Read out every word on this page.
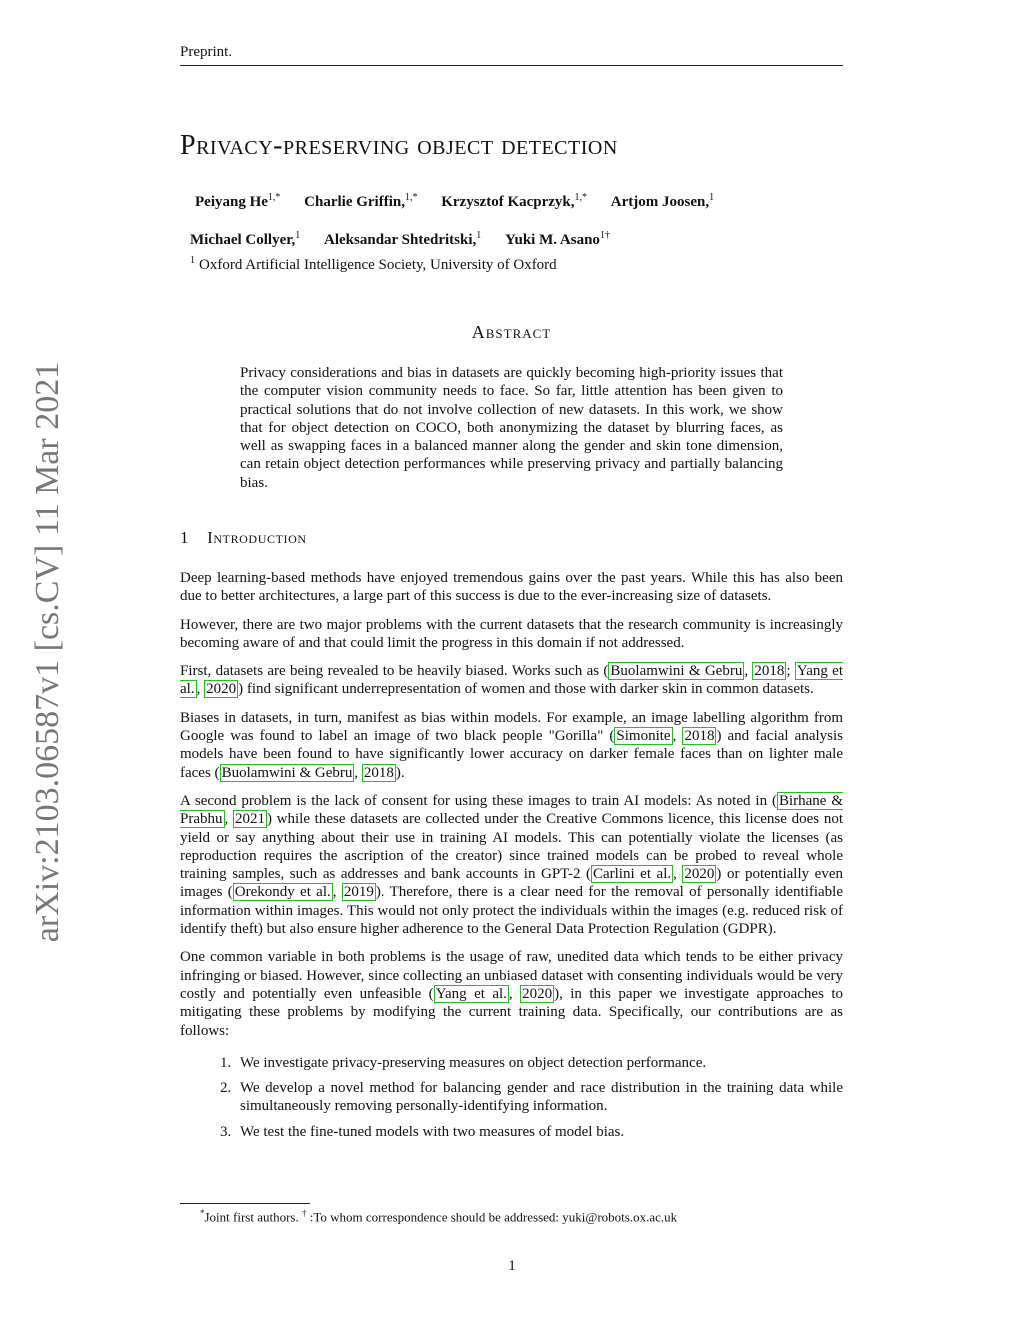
Preprint.
arXiv:2103.06587v1 [cs.CV] 11 Mar 2021
Privacy-preserving object detection
Peiyang $He^{1,*}$ Charlie Griffin,$^{1,*}$ Krzysztof Kacprzyk,$^{1,*}$ Artjom Joosen,$^1$
Michael Collyer,$^1$ Aleksandar Shtedritski,$^1$ Yuki M. Asano$^{1\dagger}$
$^1$ Oxford Artificial Intelligence Society, University of Oxford
Abstract
Privacy considerations and bias in datasets are quickly becoming high-priority issues that the computer vision community needs to face. So far, little attention has been given to practical solutions that do not involve collection of new datasets. In this work, we show that for object detection on COCO, both anonymizing the dataset by blurring faces, as well as swapping faces in a balanced manner along the gender and skin tone dimension, can retain object detection performances while preserving privacy and partially balancing bias.
1 Introduction

Deep learning-based methods have enjoyed tremendous gains over the past years. While this has also been due to better architectures, a large part of this success is due to the ever-increasing size of datasets.

However, there are two major problems with the current datasets that the research community is increasingly becoming aware of and that could limit the progress in this domain if not addressed.

First, datasets are being revealed to be heavily biased. Works such as ( Buolamwini & Gebru , 2018 ; Yang et al. , 2020 ) find significant underrepresentation of women and those with darker skin in common datasets.

Biases in datasets, in turn, manifest as bias within models. For example, an image labelling algorithm from Google was found to label an image of two black people "Gorilla" ( Simonite , 2018 ) and facial analysis models have been found to have significantly lower accuracy on darker female faces than on lighter male faces ( Buolamwini & Gebru , 2018 ).

A second problem is the lack of consent for using these images to train AI models: As noted in ( Birhane & Prabhu , 2021 ) while these datasets are collected under the Creative Commons licence, this license does not yield or say anything about their use in training AI models. This can potentially violate the licenses (as reproduction requires the ascription of the creator) since trained models can be probed to reveal whole training samples, such as addresses and bank accounts in GPT-2 ( Carlini et al. , 2020 ) or potentially even images ( Orekondy et al. , 2019 ). Therefore, there is a clear need for the removal of personally identifiable information within images. This would not only protect the individuals within the images (e.g. reduced risk of identify theft) but also ensure higher adherence to the General Data Protection Regulation (GDPR).

One common variable in both problems is the usage of raw, unedited data which tends to be either privacy infringing or biased. However, since collecting an unbiased dataset with consenting individuals would be very costly and potentially even unfeasible ( Yang et al. , 2020 ), in this paper we investigate approaches to mitigating these problems by modifying the current training data. Specifically, our contributions are as follows:

1. We investigate privacy-preserving measures on object detection performance.
2. We develop a novel method for balancing gender and race distribution in the training data while simultaneously removing personally-identifying information.
3. We test the fine-tuned models with two measures of model bias.
*Joint first authors. † :To whom correspondence should be addressed: yuki@robots.ox.ac.uk
1
